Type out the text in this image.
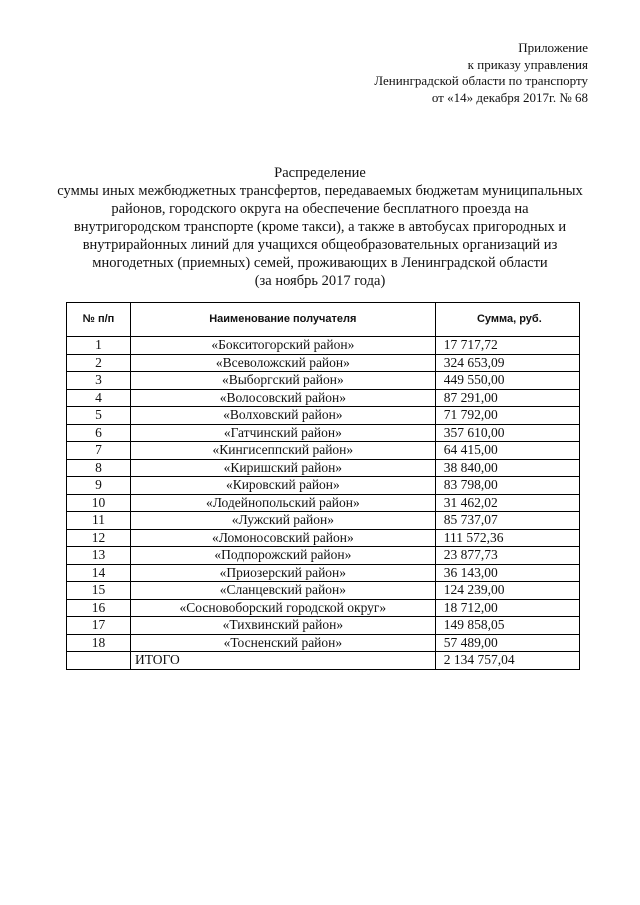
Приложение
к приказу управления
Ленинградской области по транспорту
от «14» декабря 2017г. № 68
Распределение
суммы иных межбюджетных трансфертов, передаваемых бюджетам муниципальных
районов, городского округа на обеспечение бесплатного проезда на
внутригородском транспорте (кроме такси), а также в автобусах пригородных и
внутрирайонных линий для учащихся общеобразовательных организаций из
многодетных (приемных) семей, проживающих в Ленинградской области
(за ноябрь 2017 года)
№ п/п	Наименование получателя	Сумма, руб.
1	«Бокситогорский район»	17 717,72
2	«Всеволожский район»	324 653,09
3	«Выборгский район»	449 550,00
4	«Волосовский район»	87 291,00
5	«Волховский район»	71 792,00
6	«Гатчинский район»	357 610,00
7	«Кингисеппский район»	64 415,00
8	«Киришский район»	38 840,00
9	«Кировский район»	83 798,00
10	«Лодейнопольский район»	31 462,02
11	«Лужский район»	85 737,07
12	«Ломоносовский район»	111 572,36
13	«Подпорожский район»	23 877,73
14	«Приозерский район»	36 143,00
15	«Сланцевский район»	124 239,00
16	«Сосновоборский городской округ»	18 712,00
17	«Тихвинский район»	149 858,05
18	«Тосненский район»	57 489,00
	ИТОГО	2 134 757,04
